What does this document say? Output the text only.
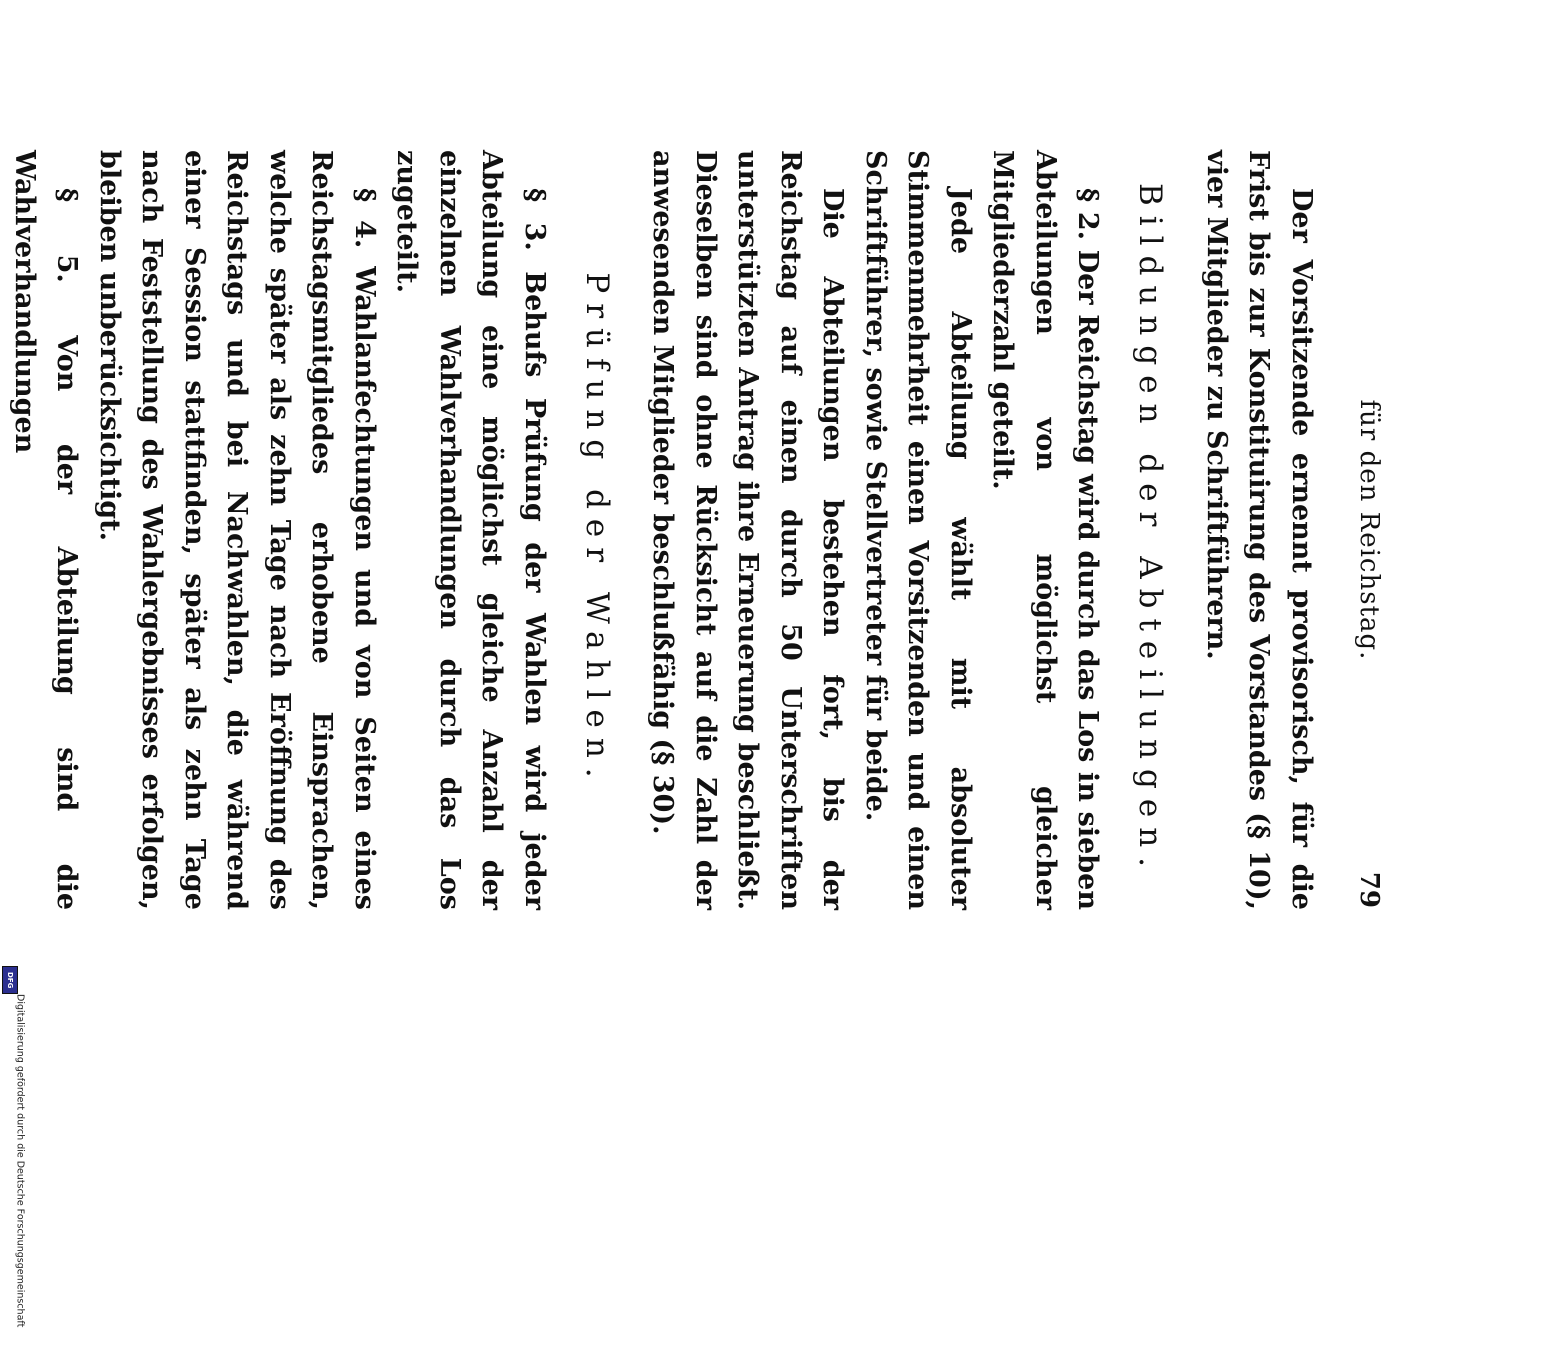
für den Reichstag.
79

Der Vorsitzende ernennt provisorisch, für die Frist bis zur Konstituirung des Vorstandes (§ 10), vier Mitglieder zu Schriftführern.

Bildungen der Abteilungen.

§ 2. Der Reichstag wird durch das Los in sieben Abteilungen von möglichst gleicher Mitgliederzahl geteilt.

Jede Abteilung wählt mit absoluter Stimmenmehrheit einen Vorsitzenden und einen Schriftführer, sowie Stellvertreter für beide.

Die Abteilungen bestehen fort, bis der Reichstag auf einen durch 50 Unterschriften unterstützten Antrag ihre Erneuerung beschließt. Dieselben sind ohne Rücksicht auf die Zahl der anwesenden Mitglieder beschlußfähig (§ 30).

Prüfung der Wahlen.

§ 3. Behufs Prüfung der Wahlen wird jeder Abteilung eine möglichst gleiche Anzahl der einzelnen Wahlverhandlungen durch das Los zugeteilt.

§ 4. Wahlanfechtungen und von Seiten eines Reichstagsmitgliedes erhobene Einsprachen, welche später als zehn Tage nach Eröffnung des Reichstags und bei Nachwahlen, die während einer Session stattfinden, später als zehn Tage nach Feststellung des Wahlergebnisses erfolgen, bleiben unberücksichtigt.

§ 5. Von der Abteilung sind die Wahlverhandlungen

Digitalisierung gefördert durch die Deutsche Forschungsgemeinschaft
DFG
